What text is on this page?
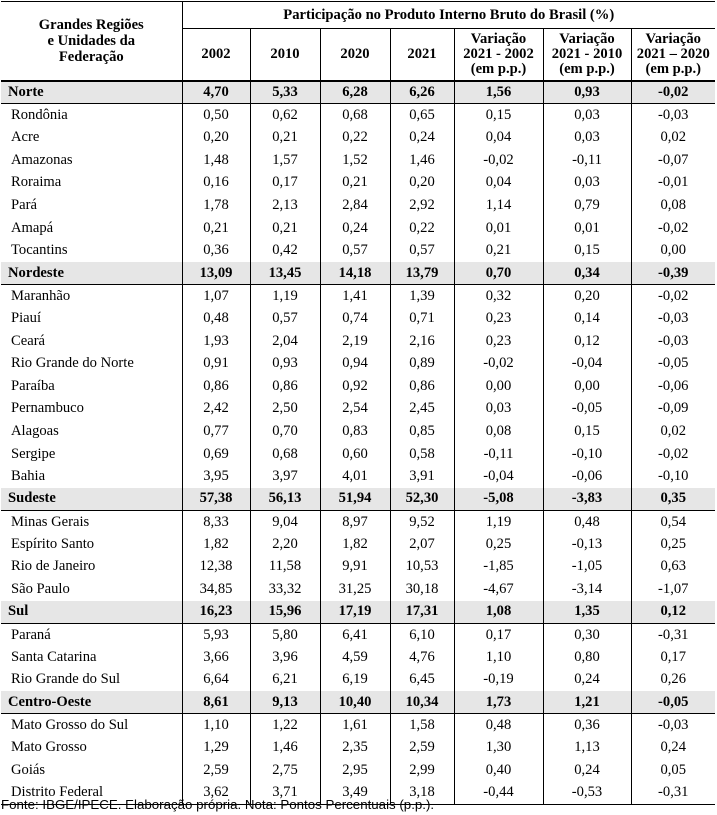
Grandes Regiões
e Unidades da
Federação	Participação no Produto Interno Bruto do Brasil (%)						
	2002	2010	2020	2021	Variação
2021 - 2002
(em p.p.)	Variação
2021 - 2010
(em p.p.)	Variação
2021 – 2020
(em p.p.)
Norte	4,70	5,33	6,28	6,26	1,56	0,93	-0,02
Rondônia	0,50	0,62	0,68	0,65	0,15	0,03	-0,03
Acre	0,20	0,21	0,22	0,24	0,04	0,03	0,02
Amazonas	1,48	1,57	1,52	1,46	-0,02	-0,11	-0,07
Roraima	0,16	0,17	0,21	0,20	0,04	0,03	-0,01
Pará	1,78	2,13	2,84	2,92	1,14	0,79	0,08
Amapá	0,21	0,21	0,24	0,22	0,01	0,01	-0,02
Tocantins	0,36	0,42	0,57	0,57	0,21	0,15	0,00
Nordeste	13,09	13,45	14,18	13,79	0,70	0,34	-0,39
Maranhão	1,07	1,19	1,41	1,39	0,32	0,20	-0,02
Piauí	0,48	0,57	0,74	0,71	0,23	0,14	-0,03
Ceará	1,93	2,04	2,19	2,16	0,23	0,12	-0,03
Rio Grande do Norte	0,91	0,93	0,94	0,89	-0,02	-0,04	-0,05
Paraíba	0,86	0,86	0,92	0,86	0,00	0,00	-0,06
Pernambuco	2,42	2,50	2,54	2,45	0,03	-0,05	-0,09
Alagoas	0,77	0,70	0,83	0,85	0,08	0,15	0,02
Sergipe	0,69	0,68	0,60	0,58	-0,11	-0,10	-0,02
Bahia	3,95	3,97	4,01	3,91	-0,04	-0,06	-0,10
Sudeste	57,38	56,13	51,94	52,30	-5,08	-3,83	0,35
Minas Gerais	8,33	9,04	8,97	9,52	1,19	0,48	0,54
Espírito Santo	1,82	2,20	1,82	2,07	0,25	-0,13	0,25
Rio de Janeiro	12,38	11,58	9,91	10,53	-1,85	-1,05	0,63
São Paulo	34,85	33,32	31,25	30,18	-4,67	-3,14	-1,07
Sul	16,23	15,96	17,19	17,31	1,08	1,35	0,12
Paraná	5,93	5,80	6,41	6,10	0,17	0,30	-0,31
Santa Catarina	3,66	3,96	4,59	4,76	1,10	0,80	0,17
Rio Grande do Sul	6,64	6,21	6,19	6,45	-0,19	0,24	0,26
Centro-Oeste	8,61	9,13	10,40	10,34	1,73	1,21	-0,05
Mato Grosso do Sul	1,10	1,22	1,61	1,58	0,48	0,36	-0,03
Mato Grosso	1,29	1,46	2,35	2,59	1,30	1,13	0,24
Goiás	2,59	2,75	2,95	2,99	0,40	0,24	0,05
Distrito Federal	3,62	3,71	3,49	3,18	-0,44	-0,53	-0,31
Fonte: IBGE/IPECE. Elaboração própria. Nota: Pontos Percentuais (p.p.).
